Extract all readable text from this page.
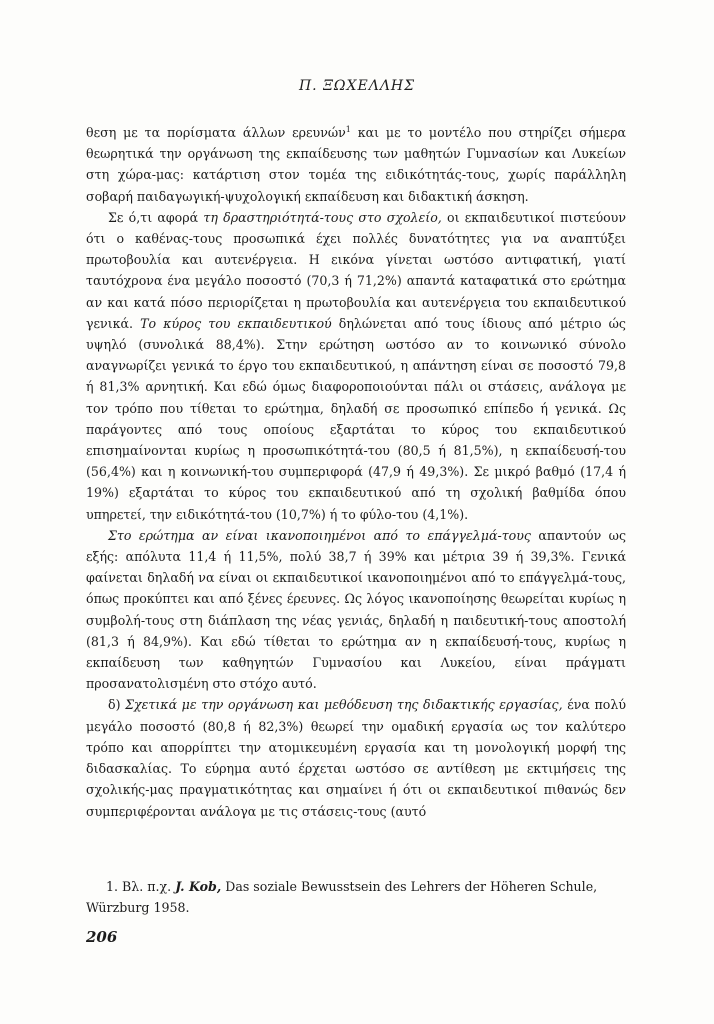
Π. ΞΩΧΕΛΛΗΣ

θεση με τα πορίσματα άλλων ερευνών$^1$ και με το μοντέλο που στηρίζει σήμερα θεωρητικά την οργάνωση της εκπαίδευσης των μαθητών Γυμνασίων και Λυκείων στη χώρα-μας: κατάρτιση στον τομέα της ειδικότητάς-τους, χωρίς παράλληλη σοβαρή παιδαγωγική-ψυχολογική εκπαίδευση και διδακτική άσκηση.

Σε ό,τι αφορά τη δραστηριότητά-τους στο σχολείο, οι εκπαιδευτικοί πιστεύουν ότι ο καθένας-τους προσωπικά έχει πολλές δυνατότητες για να αναπτύξει πρωτοβουλία και αυτενέργεια. Η εικόνα γίνεται ωστόσο αντιφατική, γιατί ταυτόχρονα ένα μεγάλο ποσοστό (70,3 ή 71,2%) απαντά καταφατικά στο ερώτημα αν και κατά πόσο περιορίζεται η πρωτοβουλία και αυτενέργεια του εκπαιδευτικού γενικά. Το κύρος του εκπαιδευτικού δηλώνεται από τους ίδιους από μέτριο ώς υψηλό (συνολικά 88,4%). Στην ερώτηση ωστόσο αν το κοινωνικό σύνολο αναγνωρίζει γενικά το έργο του εκπαιδευτικού, η απάντηση είναι σε ποσοστό 79,8 ή 81,3% αρνητική. Και εδώ όμως διαφοροποιούνται πάλι οι στάσεις, ανάλογα με τον τρόπο που τίθεται το ερώτημα, δηλαδή σε προσωπικό επίπεδο ή γενικά. Ως παράγοντες από τους οποίους εξαρτάται το κύρος του εκπαιδευτικού επισημαίνονται κυρίως η προσωπικότητά-του (80,5 ή 81,5%), η εκπαίδευσή-του (56,4%) και η κοινωνική-του συμπεριφορά (47,9 ή 49,3%). Σε μικρό βαθμό (17,4 ή 19%) εξαρτάται το κύρος του εκπαιδευτικού από τη σχολική βαθμίδα όπου υπηρετεί, την ειδικότητά-του (10,7%) ή το φύλο-του (4,1%).

Στο ερώτημα αν είναι ικανοποιημένοι από το επάγγελμά-τους απαντούν ως εξής: απόλυτα 11,4 ή 11,5%, πολύ 38,7 ή 39% και μέτρια 39 ή 39,3%. Γενικά φαίνεται δηλαδή να είναι οι εκπαιδευτικοί ικανοποιημένοι από το επάγγελμά-τους, όπως προκύπτει και από ξένες έρευνες. Ως λόγος ικανοποίησης θεωρείται κυρίως η συμβολή-τους στη διάπλαση της νέας γενιάς, δηλαδή η παιδευτική-τους αποστολή (81,3 ή 84,9%). Και εδώ τίθεται το ερώτημα αν η εκπαίδευσή-τους, κυρίως η εκπαίδευση των καθηγητών Γυμνασίου και Λυκείου, είναι πράγματι προσανατολισμένη στο στόχο αυτό.

δ) Σχετικά με την οργάνωση και μεθόδευση της διδακτικής εργασίας, ένα πολύ μεγάλο ποσοστό (80,8 ή 82,3%) θεωρεί την ομαδική εργασία ως τον καλύτερο τρόπο και απορρίπτει την ατομικευμένη εργασία και τη μονολογική μορφή της διδασκαλίας. Το εύρημα αυτό έρχεται ωστόσο σε αντίθεση με εκτιμήσεις της σχολικής-μας πραγματικότητας και σημαίνει ή ότι οι εκπαιδευτικοί πιθανώς δεν συμπεριφέρονται ανάλογα με τις στάσεις-τους (αυτό

1. Βλ. π.χ. J. Kob, Das soziale Bewusstsein des Lehrers der Höheren Schule, Würzburg 1958.
206
